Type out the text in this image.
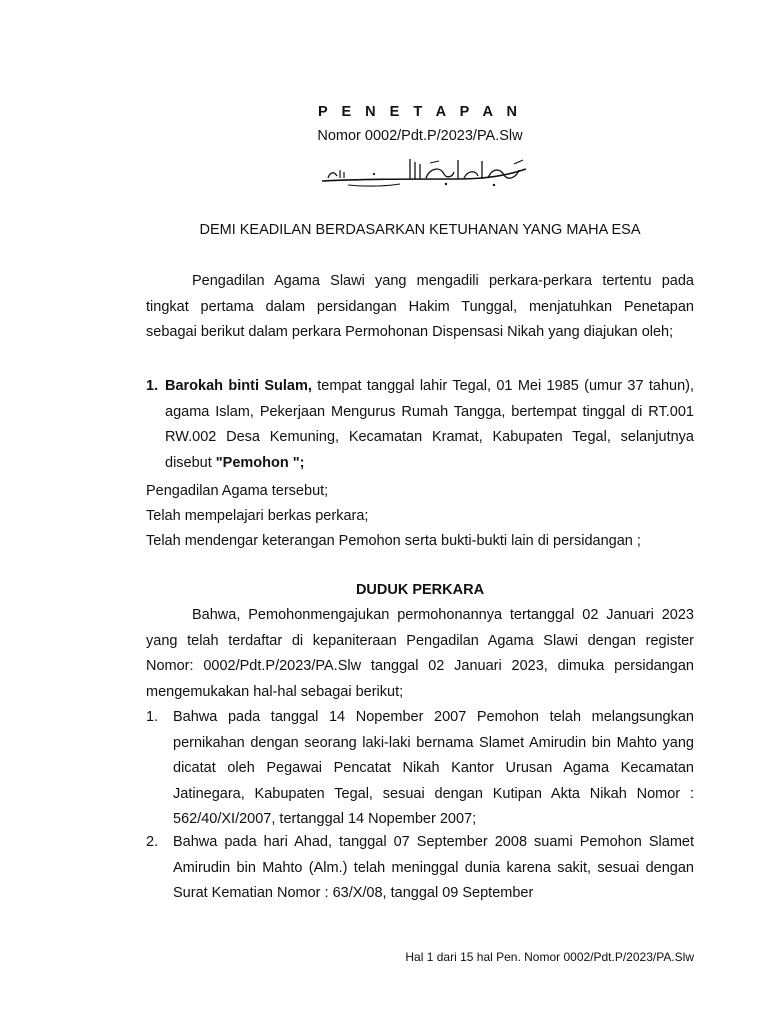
P E N E T A P A N
Nomor 0002/Pdt.P/2023/PA.Slw
DEMI KEADILAN BERDASARKAN KETUHANAN YANG MAHA ESA
Pengadilan Agama Slawi yang mengadili perkara-perkara tertentu pada tingkat pertama dalam persidangan Hakim Tunggal, menjatuhkan Penetapan sebagai berikut dalam perkara Permohonan Dispensasi Nikah yang diajukan oleh;
1. Barokah binti Sulam, tempat tanggal lahir Tegal, 01 Mei 1985 (umur 37 tahun), agama Islam, Pekerjaan Mengurus Rumah Tangga, bertempat tinggal di RT.001 RW.002 Desa Kemuning, Kecamatan Kramat, Kabupaten Tegal, selanjutnya disebut "Pemohon ";
Pengadilan Agama tersebut;
Telah mempelajari berkas perkara;
Telah mendengar keterangan Pemohon serta bukti-bukti lain di persidangan ;
DUDUK PERKARA
Bahwa, Pemohonmengajukan permohonannya tertanggal 02 Januari 2023 yang telah terdaftar di kepaniteraan Pengadilan Agama Slawi dengan register Nomor: 0002/Pdt.P/2023/PA.Slw tanggal 02 Januari 2023, dimuka persidangan mengemukakan hal-hal sebagai berikut;
1. Bahwa pada tanggal 14 Nopember 2007 Pemohon telah melangsungkan pernikahan dengan seorang laki-laki bernama Slamet Amirudin bin Mahto yang dicatat oleh Pegawai Pencatat Nikah Kantor Urusan Agama Kecamatan Jatinegara, Kabupaten Tegal, sesuai dengan Kutipan Akta Nikah Nomor : 562/40/XI/2007, tertanggal 14 Nopember 2007;
2. Bahwa pada hari Ahad, tanggal 07 September 2008 suami Pemohon Slamet Amirudin bin Mahto (Alm.) telah meninggal dunia karena sakit, sesuai dengan Surat Kematian Nomor : 63/X/08, tanggal 09 September
Hal 1 dari 15 hal Pen. Nomor 0002/Pdt.P/2023/PA.Slw
